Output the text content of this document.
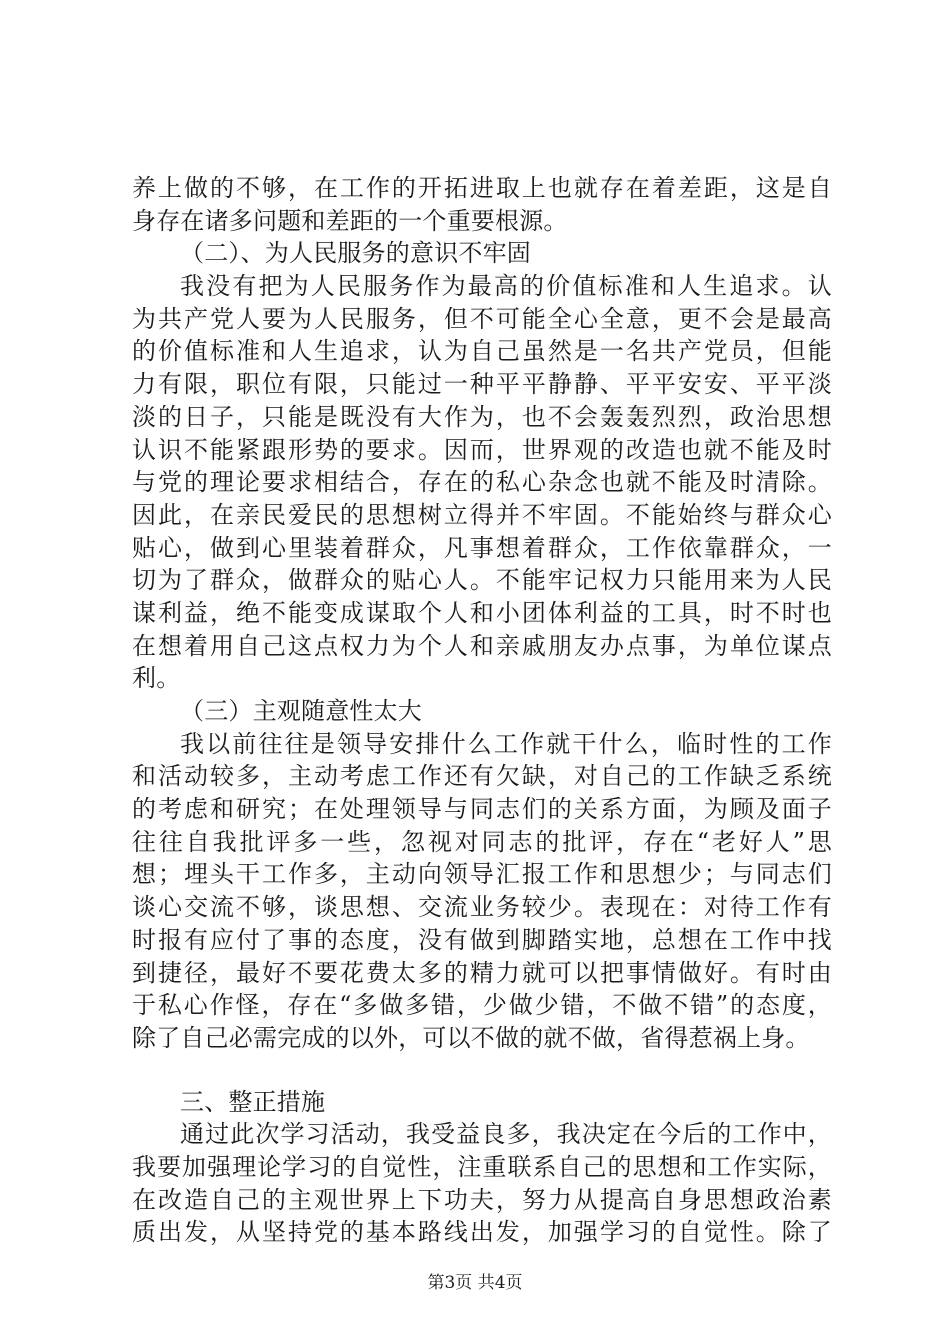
养上做的不够，在工作的开拓进取上也就存在着差距，这是自
身存在诸多问题和差距的一个重要根源。
（二）、为人民服务的意识不牢固
我没有把为人民服务作为最高的价值标准和人生追求。认
为共产党人要为人民服务，但不可能全心全意，更不会是最高
的价值标准和人生追求，认为自己虽然是一名共产党员，但能
力有限，职位有限，只能过一种平平静静、平平安安、平平淡
淡的日子，只能是既没有大作为，也不会轰轰烈烈，政治思想
认识不能紧跟形势的要求。因而，世界观的改造也就不能及时
与党的理论要求相结合，存在的私心杂念也就不能及时清除。
因此，在亲民爱民的思想树立得并不牢固。不能始终与群众心
贴心，做到心里装着群众，凡事想着群众，工作依靠群众，一
切为了群众，做群众的贴心人。不能牢记权力只能用来为人民
谋利益，绝不能变成谋取个人和小团体利益的工具，时不时也
在想着用自己这点权力为个人和亲戚朋友办点事，为单位谋点
利。
（三）主观随意性太大
我以前往往是领导安排什么工作就干什么，临时性的工作
和活动较多，主动考虑工作还有欠缺，对自己的工作缺乏系统
的考虑和研究；在处理领导与同志们的关系方面，为顾及面子
往往自我批评多一些，忽视对同志的批评，存在“老好人”思
想；埋头干工作多，主动向领导汇报工作和思想少；与同志们
谈心交流不够，谈思想、交流业务较少。表现在：对待工作有
时报有应付了事的态度，没有做到脚踏实地，总想在工作中找
到捷径，最好不要花费太多的精力就可以把事情做好。有时由
于私心作怪，存在“多做多错，少做少错，不做不错”的态度，
除了自己必需完成的以外，可以不做的就不做，省得惹祸上身。
三、整正措施
通过此次学习活动，我受益良多，我决定在今后的工作中，
我要加强理论学习的自觉性，注重联系自己的思想和工作实际，
在改造自己的主观世界上下功夫，努力从提高自身思想政治素
质出发，从坚持党的基本路线出发，加强学习的自觉性。除了
第3页 共4页
